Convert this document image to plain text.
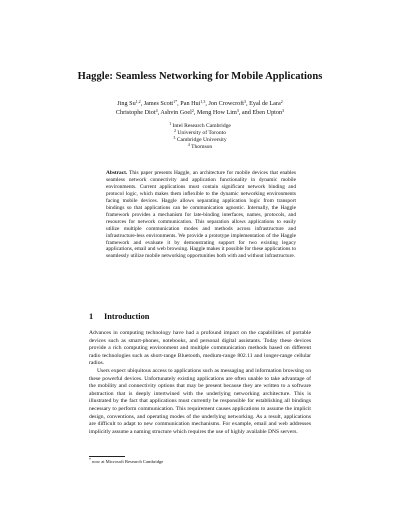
Haggle: Seamless Networking for Mobile Applications
Jing Su$^{1,2}$, James Scott$^{1*}$, Pan Hui$^{1,3}$, Jon Crowcroft$^3$, Eyal de Lara$^2$
Christophe Diot$^4$, Ashvin Goel$^2$, Meng How Lim$^3$, and Eben Upton$^3$
$^1$ Intel Research Cambridge
$^2$ University of Toronto
$^3$ Cambridge University
$^4$ Thomson
Abstract. This paper presents Haggle, an architecture for mobile devices that enables seamless network connectivity and application functionality in dynamic mobile environments. Current applications must contain significant network binding and protocol logic, which makes them inflexible to the dynamic networking environments facing mobile devices. Haggle allows separating application logic from transport bindings so that applications can be communication agnostic. Internally, the Haggle framework provides a mechanism for late-binding interfaces, names, protocols, and resources for network communication. This separation allows applications to easily utilize multiple communication modes and methods across infrastructure and infrastructure-less environments. We provide a prototype implementation of the Haggle framework and evaluate it by demonstrating support for two existing legacy applications, email and web browsing. Haggle makes it possible for these applications to seamlessly utilize mobile networking opportunities both with and without infrastructure.
1 Introduction

Advances in computing technology have had a profound impact on the capabilities of portable devices such as smart-phones, notebooks, and personal digital assistants. Today these devices provide a rich computing environment and multiple communication methods based on different radio technologies such as short-range Bluetooth, medium-range 802.11 and longer-range cellular radios.

Users expect ubiquitous access to applications such as messaging and information browsing on these powerful devices. Unfortunately existing applications are often unable to take advantage of the mobility and connectivity options that may be present because they are written to a software abstraction that is deeply intertwined with the underlying networking architecture. This is illustrated by the fact that applications must currently be responsible for establishing all bindings necessary to perform communication. This requirement causes applications to assume the implicit design, conventions, and operating modes of the underlying networking. As a result, applications are difficult to adapt to new communication mechanisms. For example, email and web addresses implicitly assume a naming structure which requires the use of highly available DNS servers.

* now at Microsoft Research Cambridge
